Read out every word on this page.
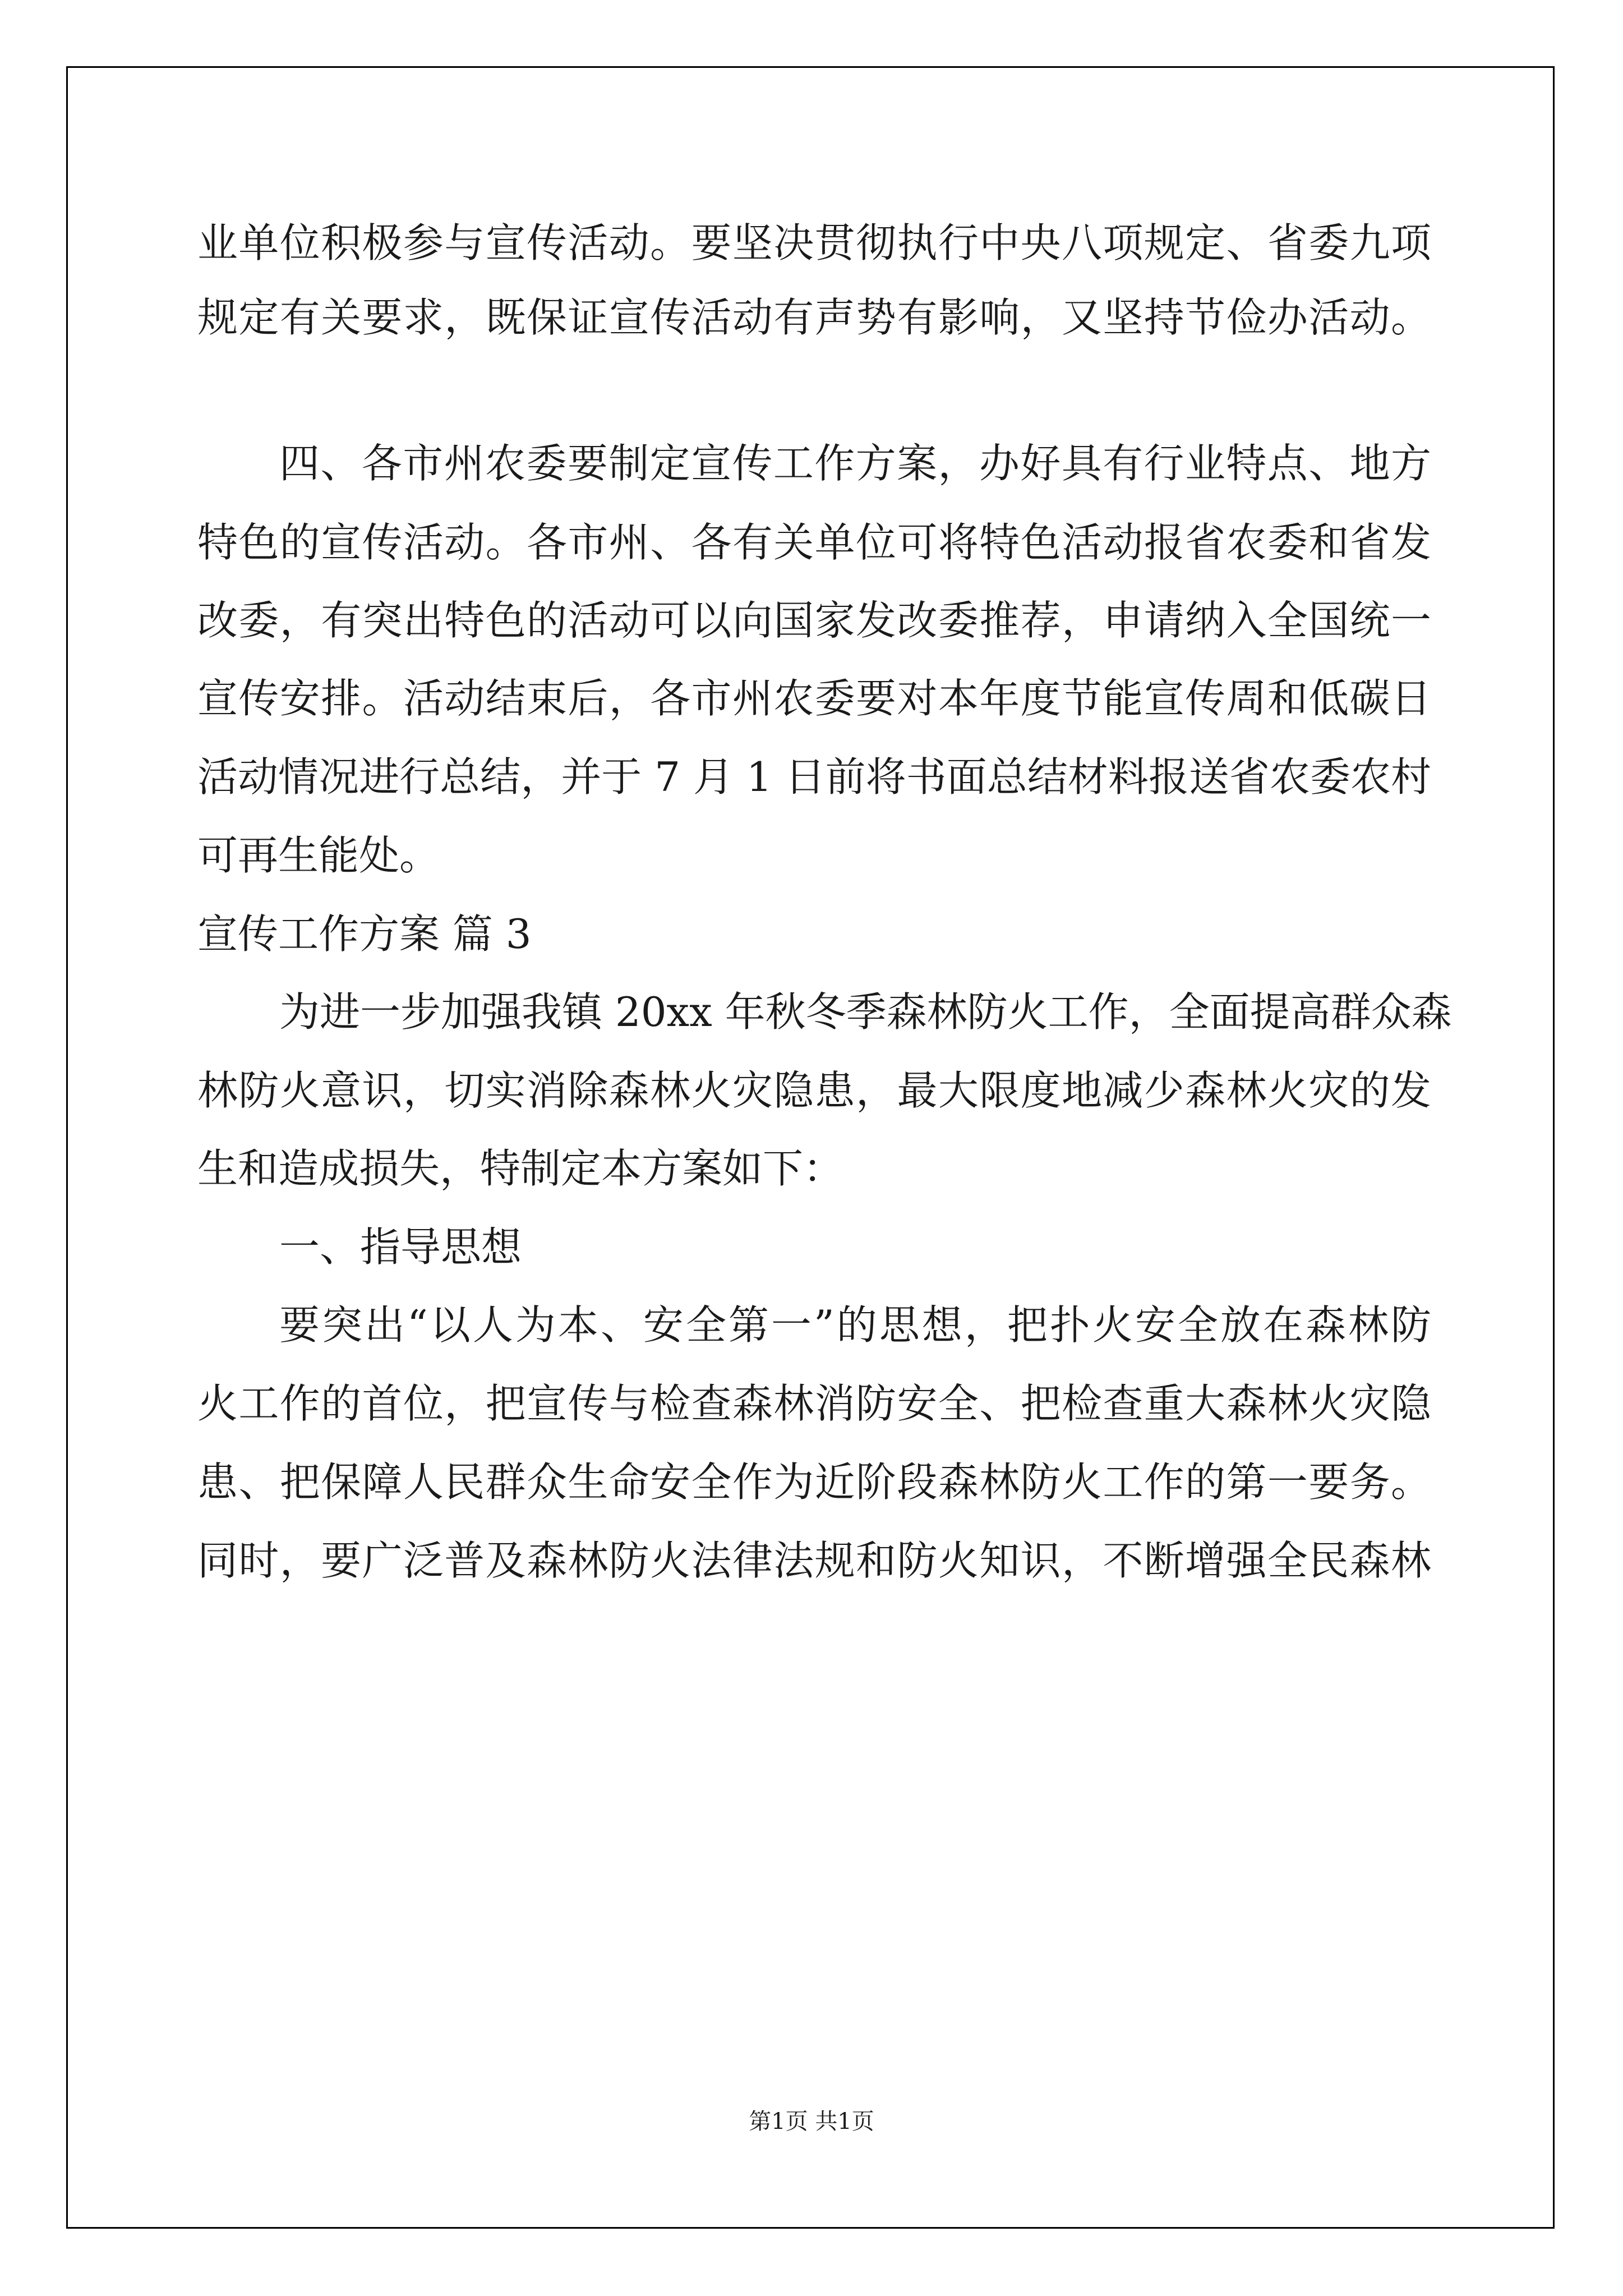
业单位积极参与宣传活动。要坚决贯彻执行中央八项规定、省委九项
规定有关要求，既保证宣传活动有声势有影响，又坚持节俭办活动。
四、各市州农委要制定宣传工作方案，办好具有行业特点、地方
特色的宣传活动。各市州、各有关单位可将特色活动报省农委和省发
改委，有突出特色的活动可以向国家发改委推荐，申请纳入全国统一
宣传安排。活动结束后，各市州农委要对本年度节能宣传周和低碳日
活动情况进行总结，并于 7 月 1 日前将书面总结材料报送省农委农村
可再生能处。
宣传工作方案 篇 3
为进一步加强我镇 20xx 年秋冬季森林防火工作，全面提高群众森
林防火意识，切实消除森林火灾隐患，最大限度地减少森林火灾的发
生和造成损失，特制定本方案如下：
一、指导思想
要突出“以人为本、安全第一”的思想，把扑火安全放在森林防
火工作的首位，把宣传与检查森林消防安全、把检查重大森林火灾隐
患、把保障人民群众生命安全作为近阶段森林防火工作的第一要务。
同时，要广泛普及森林防火法律法规和防火知识，不断增强全民森林
第1页 共1页
